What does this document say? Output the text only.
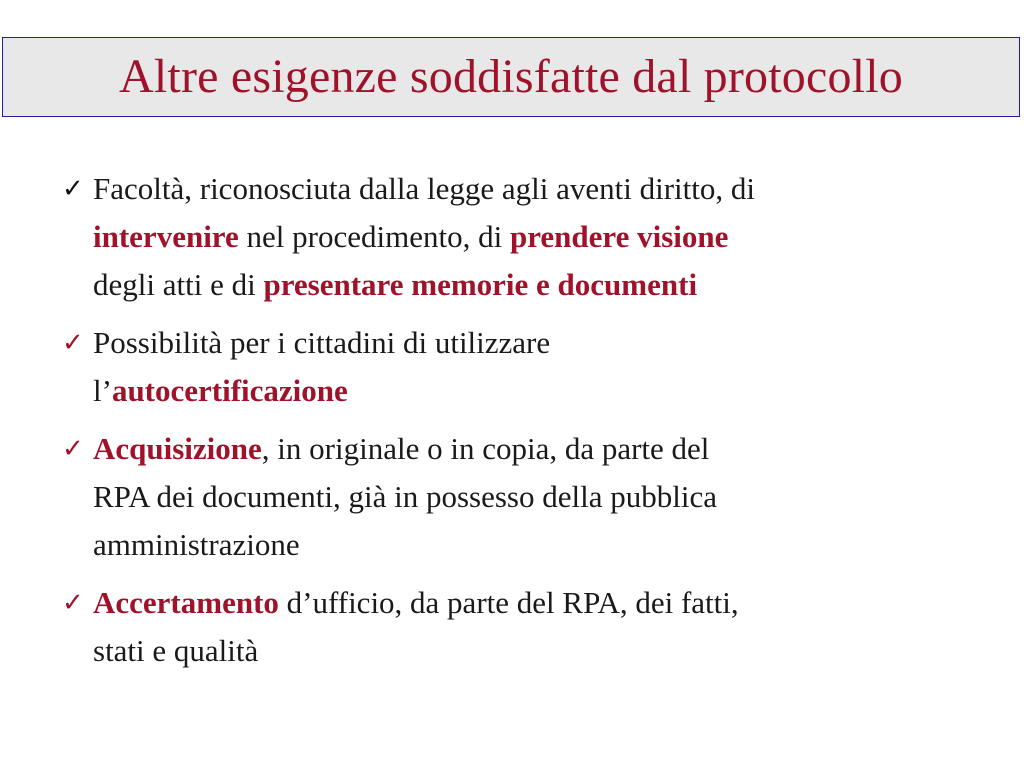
Altre esigenze soddisfatte dal protocollo
✓ Facoltà, riconosciuta dalla legge agli aventi diritto, di
intervenire nel procedimento, di prendere visione
degli atti e di presentare memorie e documenti
✓ Possibilità per i cittadini di utilizzare
l’autocertificazione
✓ Acquisizione, in originale o in copia, da parte del
RPA dei documenti, già in possesso della pubblica
amministrazione
✓ Accertamento d’ufficio, da parte del RPA, dei fatti,
stati e qualità
